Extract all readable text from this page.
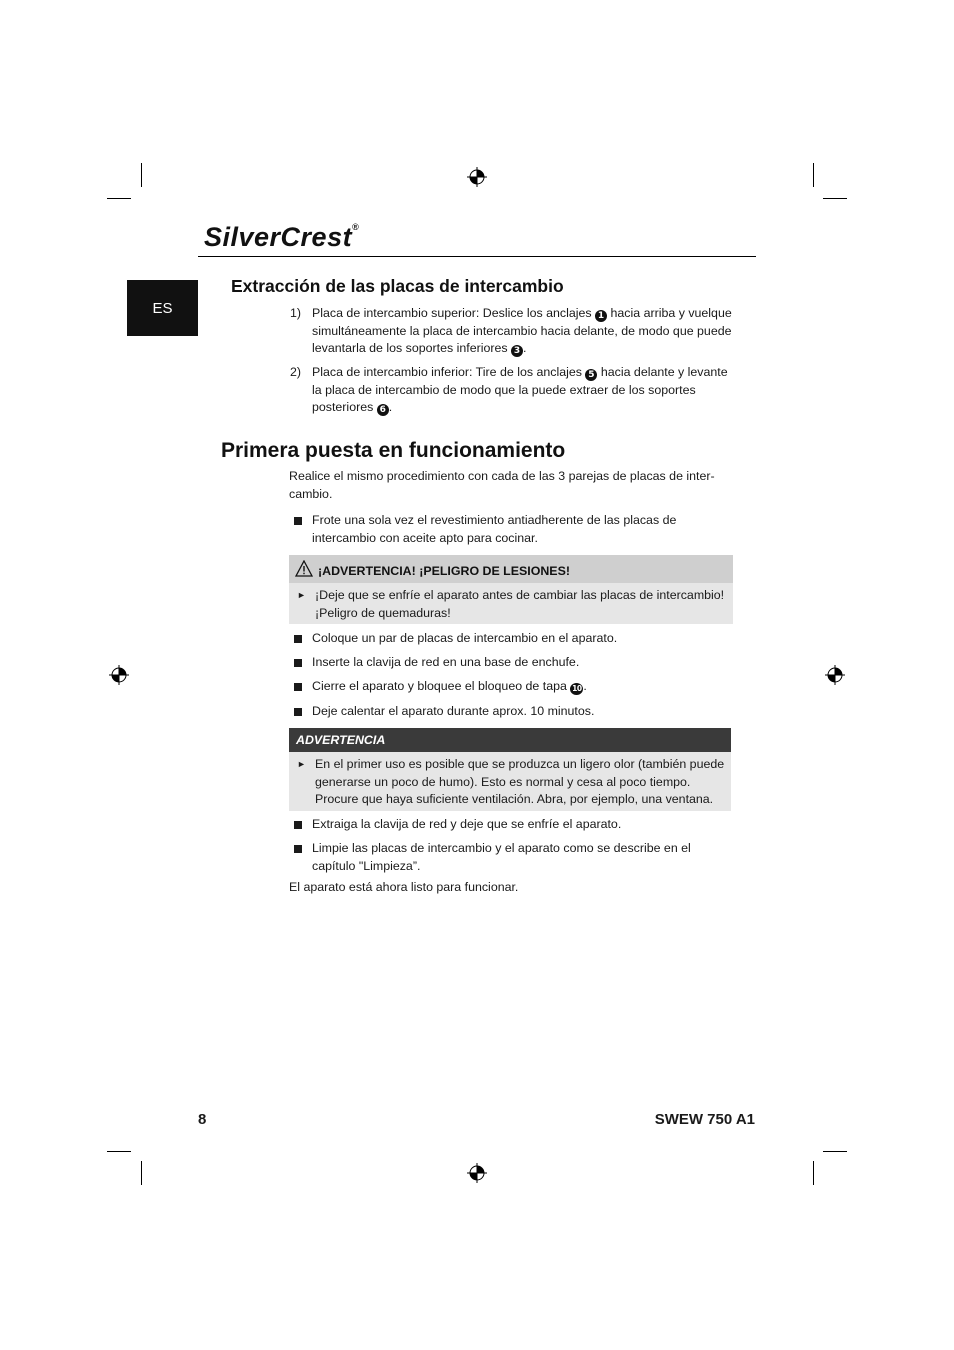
SilverCrest®
ES
Extracción de las placas de intercambio
1) Placa de intercambio superior: Deslice los anclajes 1 hacia arriba y vuelque simultáneamente la placa de intercambio hacia delante, de modo que puede levantarla de los soportes inferiores 3 .
2) Placa de intercambio inferior: Tire de los anclajes 5 hacia delante y levante la placa de intercambio de modo que la puede extraer de los soportes posteriores 6 .
Primera puesta en funcionamiento
Realice el mismo procedimiento con cada de las 3 parejas de placas de inter-cambio.
Frote una sola vez el revestimiento antiadherente de las placas de intercambio con aceite apto para cocinar.
¡ADVERTENCIA! ¡PELIGRO DE LESIONES!
► ¡Deje que se enfríe el aparato antes de cambiar las placas de intercambio! ¡Peligro de quemaduras!
Coloque un par de placas de intercambio en el aparato.
Inserte la clavija de red en una base de enchufe.
Cierre el aparato y bloquee el bloqueo de tapa 10 .
Deje calentar el aparato durante aprox. 10 minutos.
ADVERTENCIA
► En el primer uso es posible que se produzca un ligero olor (también puede generarse un poco de humo). Esto es normal y cesa al poco tiempo. Procure que haya suficiente ventilación. Abra, por ejemplo, una ventana.
Extraiga la clavija de red y deje que se enfríe el aparato.
Limpie las placas de intercambio y el aparato como se describe en el capítulo "Limpieza”.
El aparato está ahora listo para funcionar.
8	SWEW 750 A1
